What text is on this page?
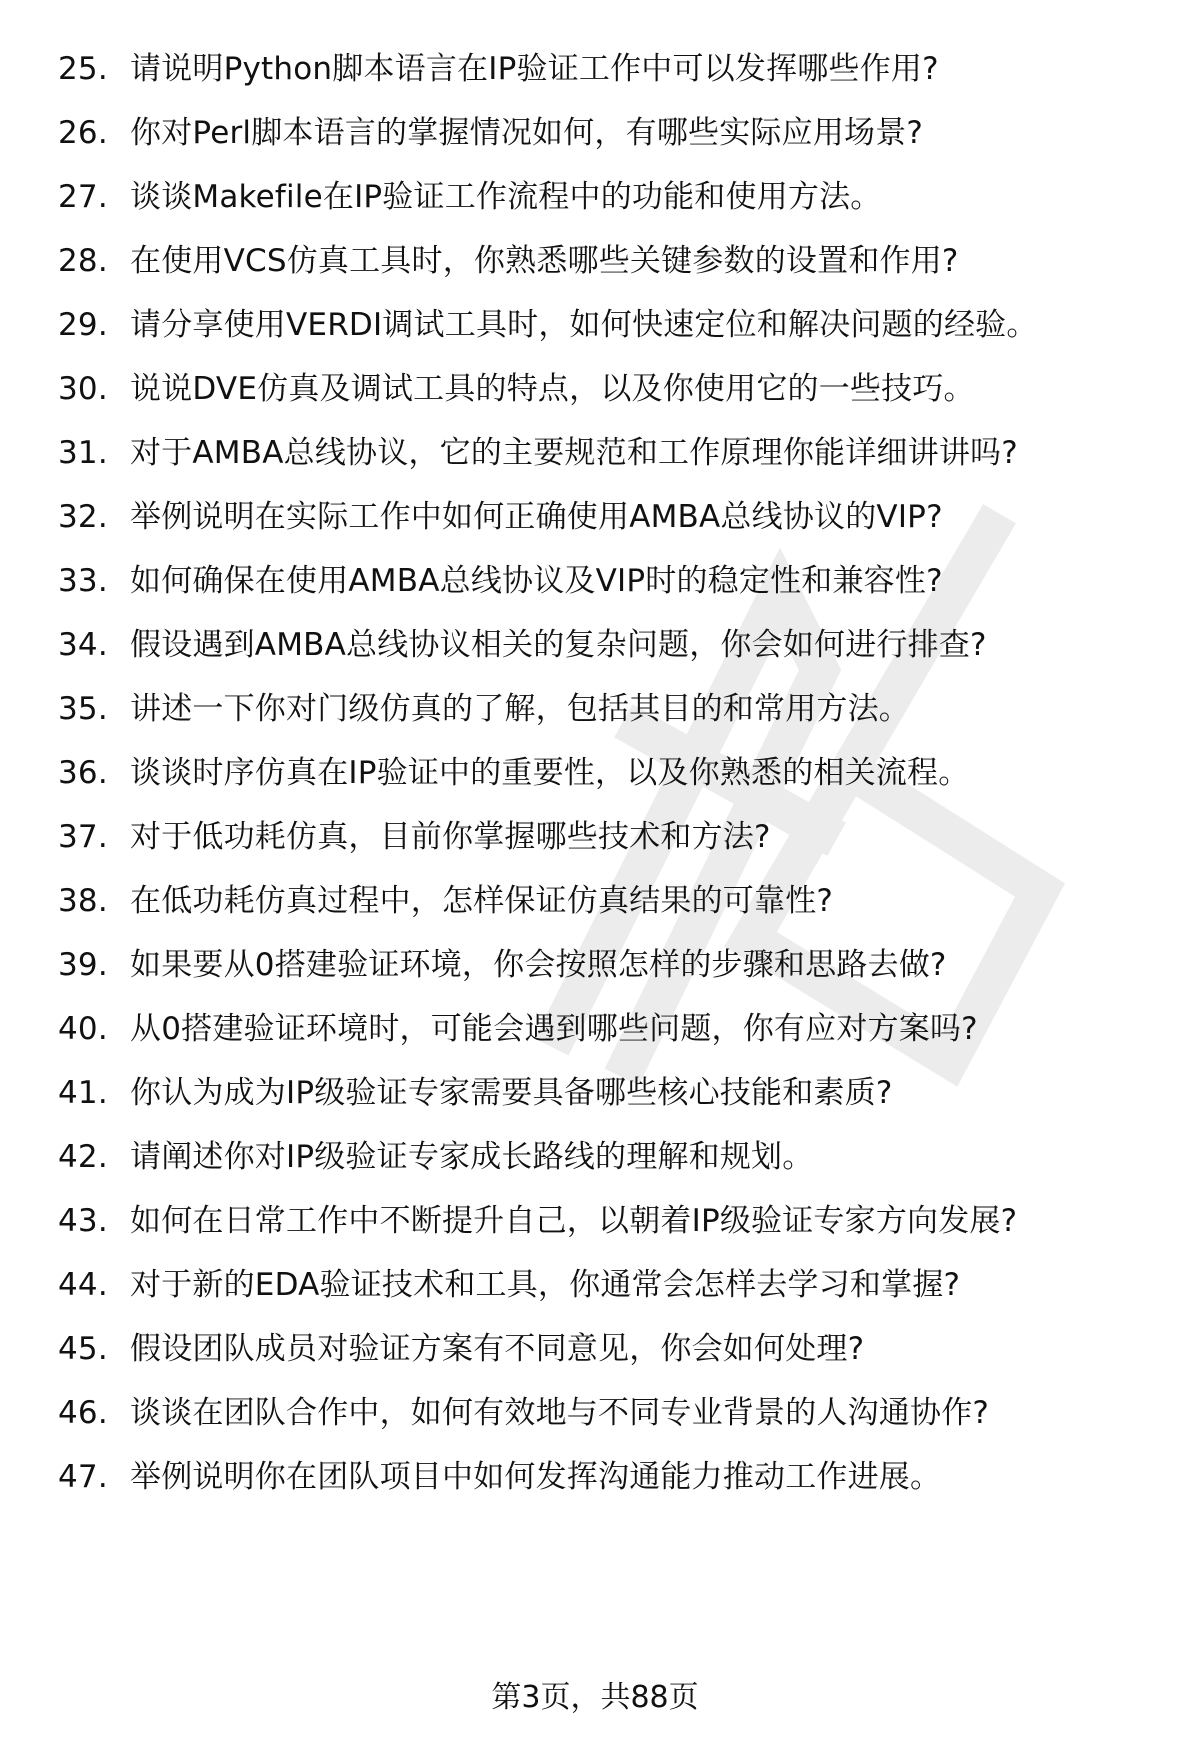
25. 请说明Python脚本语言在IP验证工作中可以发挥哪些作用?
26. 你对Perl脚本语言的掌握情况如何，有哪些实际应用场景?
27. 谈谈Makefile在IP验证工作流程中的功能和使用方法。
28. 在使用VCS仿真工具时，你熟悉哪些关键参数的设置和作用?
29. 请分享使用VERDI调试工具时，如何快速定位和解决问题的经验。
30. 说说DVE仿真及调试工具的特点，以及你使用它的一些技巧。
31. 对于AMBA总线协议，它的主要规范和工作原理你能详细讲讲吗?
32. 举例说明在实际工作中如何正确使用AMBA总线协议的VIP?
33. 如何确保在使用AMBA总线协议及VIP时的稳定性和兼容性?
34. 假设遇到AMBA总线协议相关的复杂问题，你会如何进行排查?
35. 讲述一下你对门级仿真的了解，包括其目的和常用方法。
36. 谈谈时序仿真在IP验证中的重要性，以及你熟悉的相关流程。
37. 对于低功耗仿真，目前你掌握哪些技术和方法?
38. 在低功耗仿真过程中，怎样保证仿真结果的可靠性?
39. 如果要从0搭建验证环境，你会按照怎样的步骤和思路去做?
40. 从0搭建验证环境时，可能会遇到哪些问题，你有应对方案吗?
41. 你认为成为IP级验证专家需要具备哪些核心技能和素质?
42. 请阐述你对IP级验证专家成长路线的理解和规划。
43. 如何在日常工作中不断提升自己，以朝着IP级验证专家方向发展?
44. 对于新的EDA验证技术和工具，你通常会怎样去学习和掌握?
45. 假设团队成员对验证方案有不同意见，你会如何处理?
46. 谈谈在团队合作中，如何有效地与不同专业背景的人沟通协作?
47. 举例说明你在团队项目中如何发挥沟通能力推动工作进展。
第3页，共88页
